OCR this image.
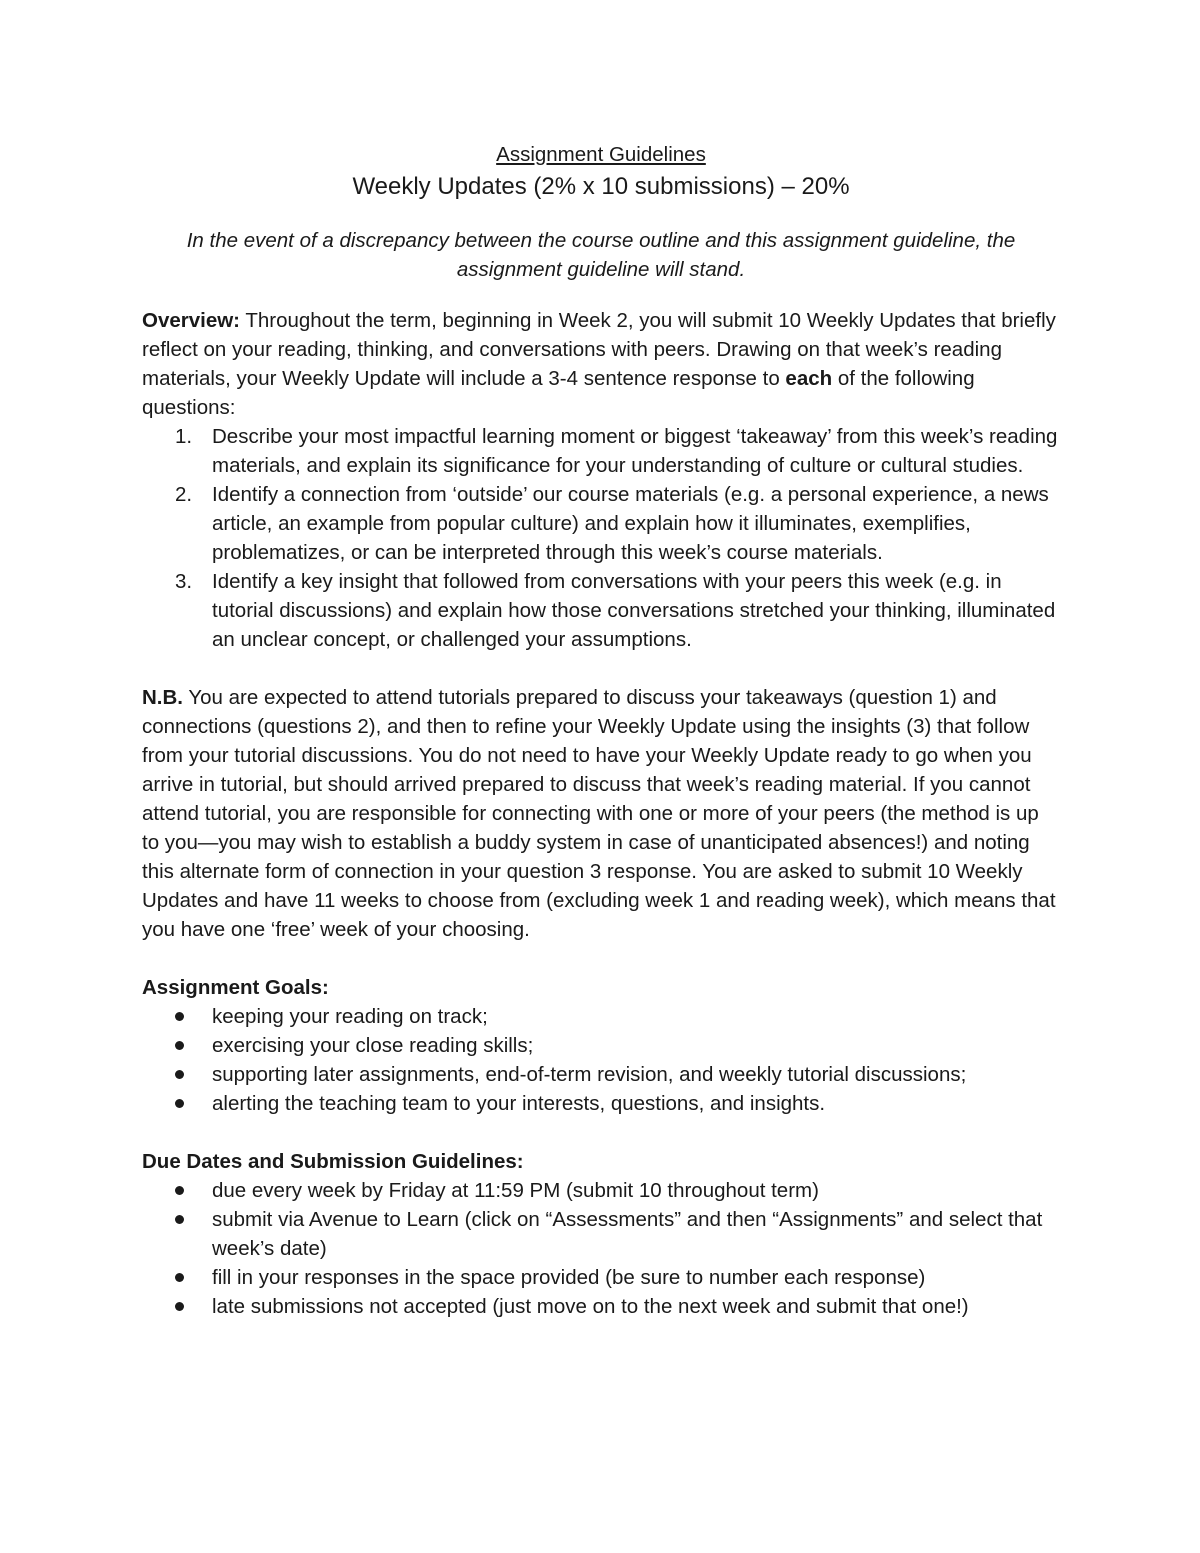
Assignment Guidelines
Weekly Updates (2% x 10 submissions) – 20%

In the event of a discrepancy between the course outline and this assignment guideline, the assignment guideline will stand.

Overview: Throughout the term, beginning in Week 2, you will submit 10 Weekly Updates that briefly reflect on your reading, thinking, and conversations with peers. Drawing on that week’s reading materials, your Weekly Update will include a 3-4 sentence response to each of the following questions:

1. Describe your most impactful learning moment or biggest ‘takeaway’ from this week’s reading materials, and explain its significance for your understanding of culture or cultural studies.
2. Identify a connection from ‘outside’ our course materials (e.g. a personal experience, a news article, an example from popular culture) and explain how it illuminates, exemplifies, problematizes, or can be interpreted through this week’s course materials.
3. Identify a key insight that followed from conversations with your peers this week (e.g. in tutorial discussions) and explain how those conversations stretched your thinking, illuminated an unclear concept, or challenged your assumptions.

N.B. You are expected to attend tutorials prepared to discuss your takeaways (question 1) and connections (questions 2), and then to refine your Weekly Update using the insights (3) that follow from your tutorial discussions. You do not need to have your Weekly Update ready to go when you arrive in tutorial, but should arrived prepared to discuss that week’s reading material. If you cannot attend tutorial, you are responsible for connecting with one or more of your peers (the method is up to you—you may wish to establish a buddy system in case of unanticipated absences!) and noting this alternate form of connection in your question 3 response. You are asked to submit 10 Weekly Updates and have 11 weeks to choose from (excluding week 1 and reading week), which means that you have one ‘free’ week of your choosing.

Assignment Goals:
keeping your reading on track;
exercising your close reading skills;
supporting later assignments, end-of-term revision, and weekly tutorial discussions;
alerting the teaching team to your interests, questions, and insights.
Due Dates and Submission Guidelines:
due every week by Friday at 11:59 PM (submit 10 throughout term)
submit via Avenue to Learn (click on “Assessments” and then “Assignments” and select that week’s date)
fill in your responses in the space provided (be sure to number each response)
late submissions not accepted (just move on to the next week and submit that one!)
